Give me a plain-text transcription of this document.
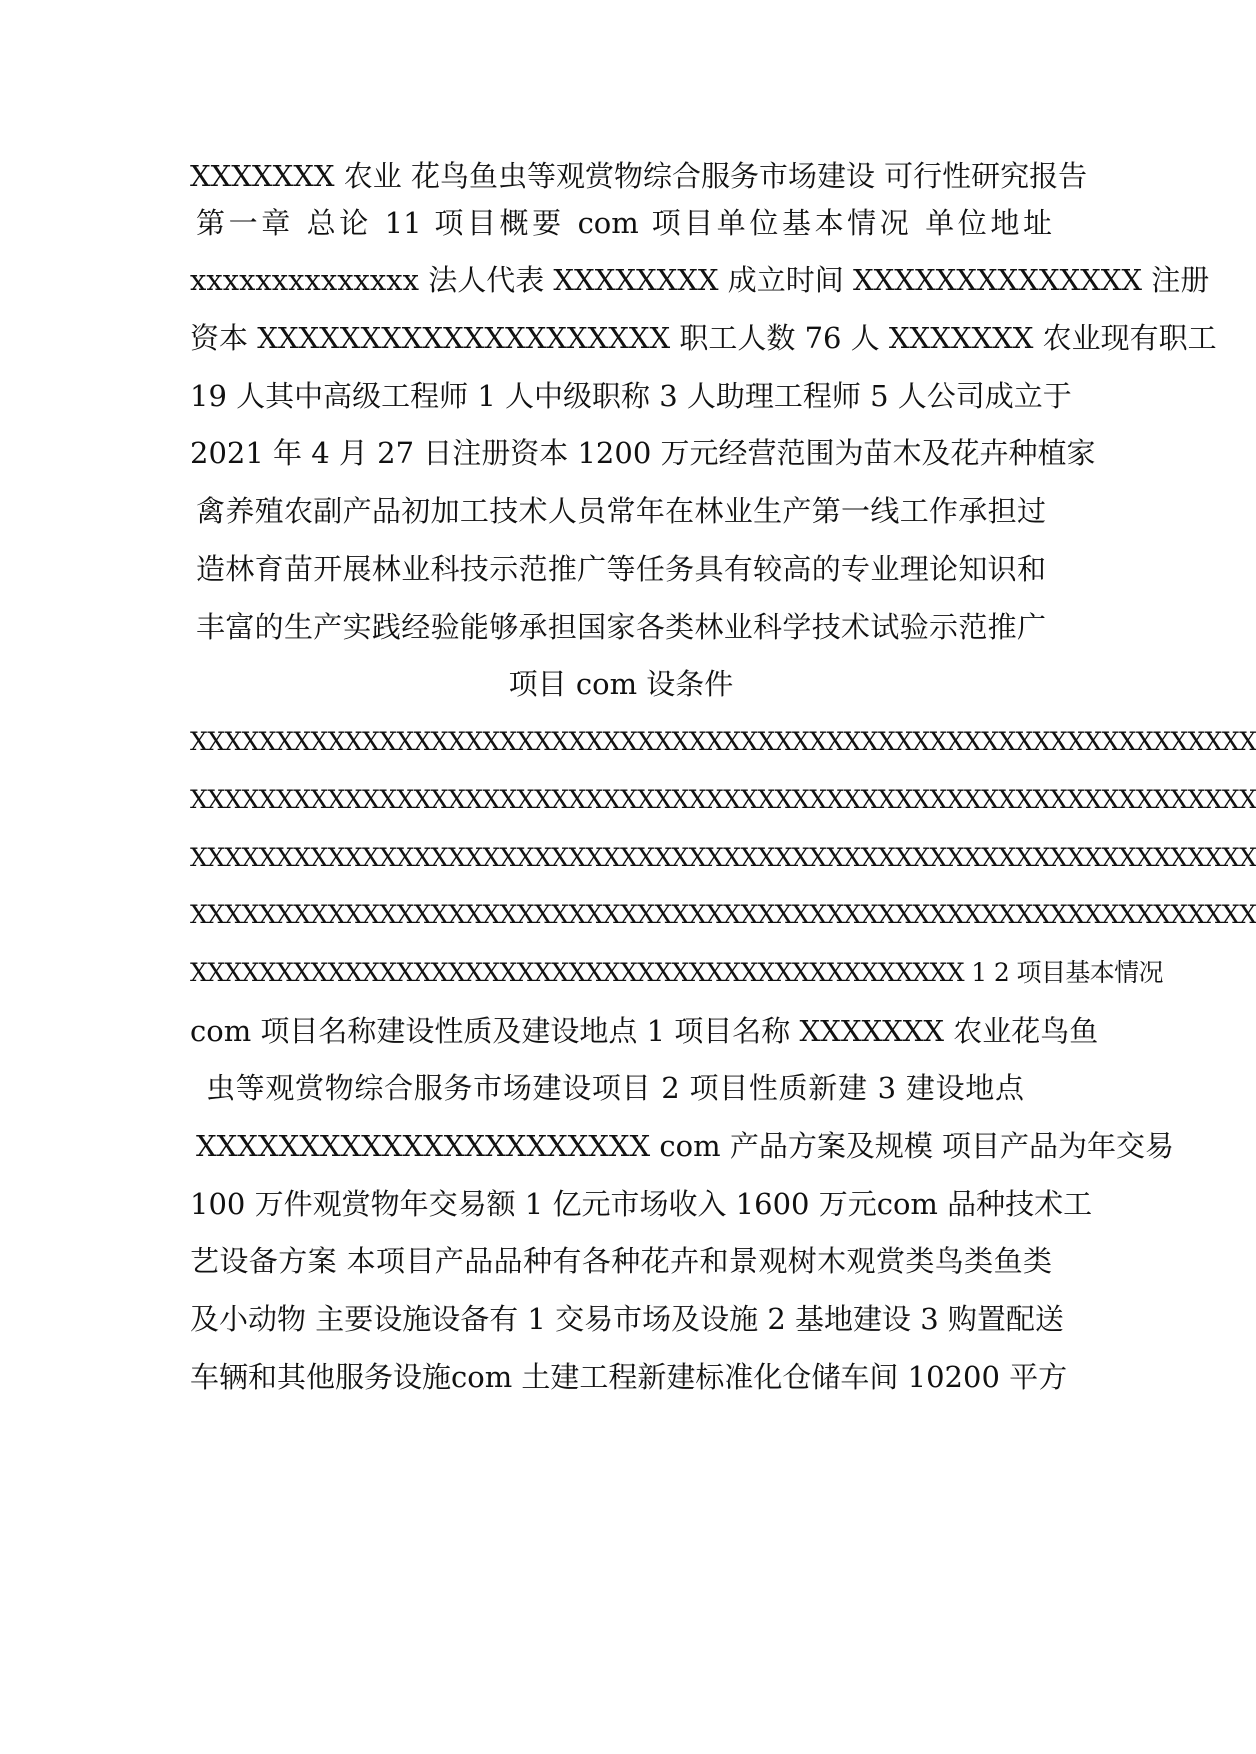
XXXXXXX 农业 花鸟鱼虫等观赏物综合服务市场建设 可行性研究报告
第一章 总论 11 项目概要 com 项目单位基本情况 单位地址
xxxxxxxxxxxxxx 法人代表 XXXXXXXX 成立时间 XXXXXXXXXXXXXX 注册
资本 XXXXXXXXXXXXXXXXXXXX 职工人数 76 人 XXXXXXX 农业现有职工
19 人其中高级工程师 1 人中级职称 3 人助理工程师 5 人公司成立于
2021 年 4 月 27 日注册资本 1200 万元经营范围为苗木及花卉种植家
禽养殖农副产品初加工技术人员常年在林业生产第一线工作承担过
造林育苗开展林业科技示范推广等任务具有较高的专业理论知识和
丰富的生产实践经验能够承担国家各类林业科学技术试验示范推广
项目 com 设条件
XXXXXXXXXXXXXXXXXXXXXXXXXXXXXXXXXXXXXXXXXXXXXXXXXXXXXXXXXXXXXX
XXXXXXXXXXXXXXXXXXXXXXXXXXXXXXXXXXXXXXXXXXXXXXXXXXXXXXXXXXXXXX
XXXXXXXXXXXXXXXXXXXXXXXXXXXXXXXXXXXXXXXXXXXXXXXXXXXXXXXXXXXXXX
XXXXXXXXXXXXXXXXXXXXXXXXXXXXXXXXXXXXXXXXXXXXXXXXXXXXXXXXXXXXXX
XXXXXXXXXXXXXXXXXXXXXXXXXXXXXXXXXXXXXXXXXXXXX 1 2 项目基本情况
com 项目名称建设性质及建设地点 1 项目名称 XXXXXXX 农业花鸟鱼
虫等观赏物综合服务市场建设项目 2 项目性质新建 3 建设地点
XXXXXXXXXXXXXXXXXXXXXX com 产品方案及规模 项目产品为年交易
100 万件观赏物年交易额 1 亿元市场收入 1600 万元com 品种技术工
艺设备方案 本项目产品品种有各种花卉和景观树木观赏类鸟类鱼类
及小动物 主要设施设备有 1 交易市场及设施 2 基地建设 3 购置配送
车辆和其他服务设施com 土建工程新建标准化仓储车间 10200 平方
